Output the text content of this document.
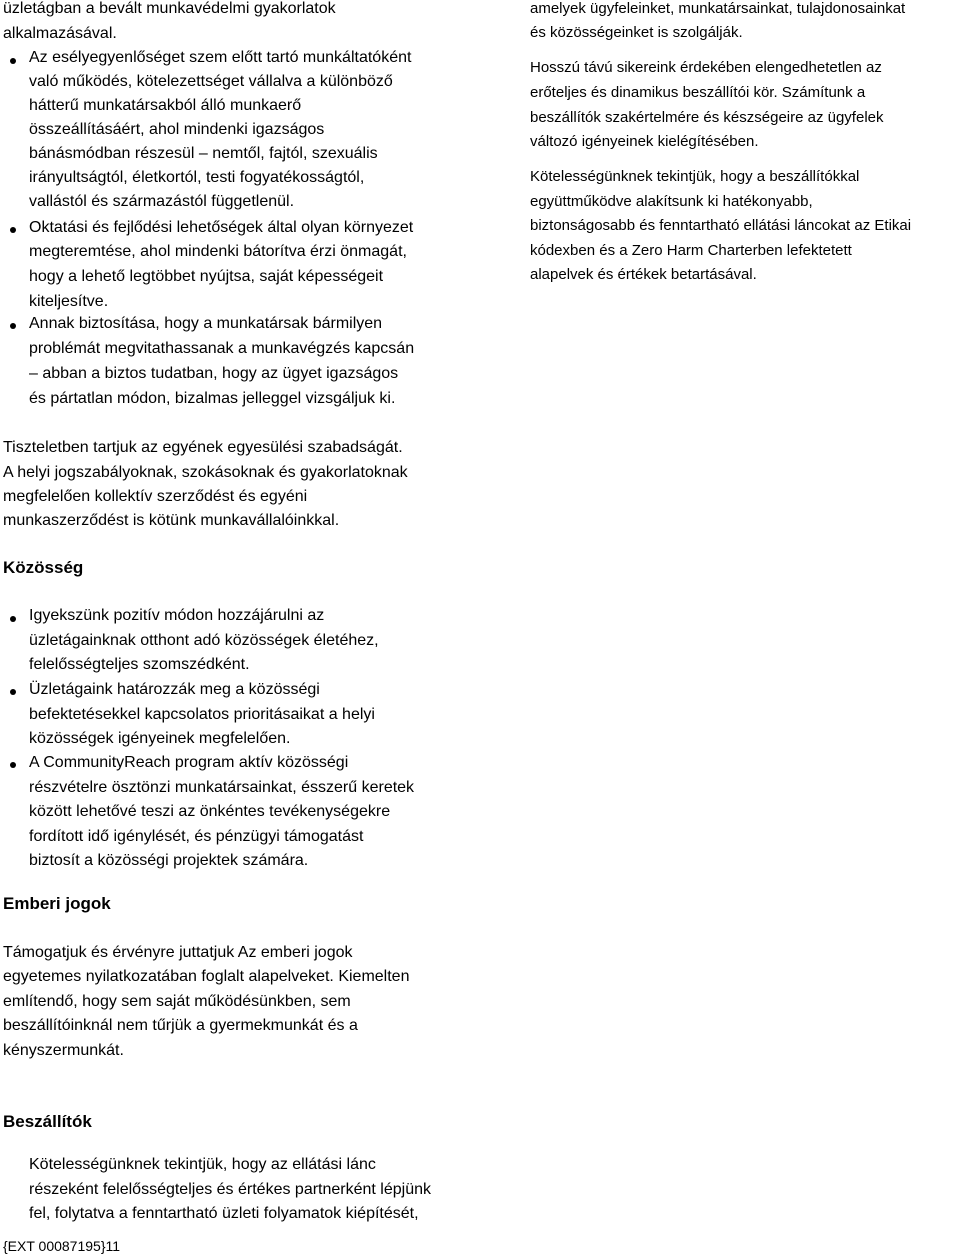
üzletágban a bevált munkavédelmi gyakorlatok
alkalmazásával.
Az esélyegyenlőséget szem előtt tartó munkáltatóként
való működés, kötelezettséget vállalva a különböző
hátterű munkatársakból álló munkaerő
összeállításáért, ahol mindenki igazságos
bánásmódban részesül – nemtől, fajtól, szexuális
irányultságtól, életkortól, testi fogyatékosságtól,
vallástól és származástól függetlenül.
Oktatási és fejlődési lehetőségek által olyan környezet
megteremtése, ahol mindenki bátorítva érzi önmagát,
hogy a lehető legtöbbet nyújtsa, saját képességeit
kiteljesítve.
Annak biztosítása, hogy a munkatársak bármilyen
problémát megvitathassanak a munkavégzés kapcsán
– abban a biztos tudatban, hogy az ügyet igazságos
és pártatlan módon, bizalmas jelleggel vizsgáljuk ki.
amelyek ügyfeleinket, munkatársainkat, tulajdonosainkat
és közösségeinket is szolgálják.
Hosszú távú sikereink érdekében elengedhetetlen az
erőteljes és dinamikus beszállítói kör. Számítunk a
beszállítók szakértelmére és készségeire az ügyfelek
változó igényeinek kielégítésében.
Kötelességünknek tekintjük, hogy a beszállítókkal
együttműködve alakítsunk ki hatékonyabb,
biztonságosabb és fenntartható ellátási láncokat az Etikai
kódexben és a Zero Harm Charterben lefektetett
alapelvek és értékek betartásával.
Tiszteletben tartjuk az egyének egyesülési szabadságát.
A helyi jogszabályoknak, szokásoknak és gyakorlatoknak
megfelelően kollektív szerződést és egyéni
munkaszerződést is kötünk munkavállalóinkkal.
Közösség
Igyekszünk pozitív módon hozzájárulni az
üzletágainknak otthont adó közösségek életéhez,
felelősségteljes szomszédként.
Üzletágaink határozzák meg a közösségi
befektetésekkel kapcsolatos prioritásaikat a helyi
közösségek igényeinek megfelelően.
A CommunityReach program aktív közösségi
részvételre ösztönzi munkatársainkat, ésszerű keretek
között lehetővé teszi az önkéntes tevékenységekre
fordított idő igénylését, és pénzügyi támogatást
biztosít a közösségi projektek számára.
Emberi jogok
Támogatjuk és érvényre juttatjuk Az emberi jogok
egyetemes nyilatkozatában foglalt alapelveket. Kiemelten
említendő, hogy sem saját működésünkben, sem
beszállítóinknál nem tűrjük a gyermekmunkát és a
kényszermunkát.
Beszállítók
Kötelességünknek tekintjük, hogy az ellátási lánc
részeként felelősségteljes és értékes partnerként lépjünk
fel, folytatva a fenntartható üzleti folyamatok kiépítését,
{EXT 00087195}11
